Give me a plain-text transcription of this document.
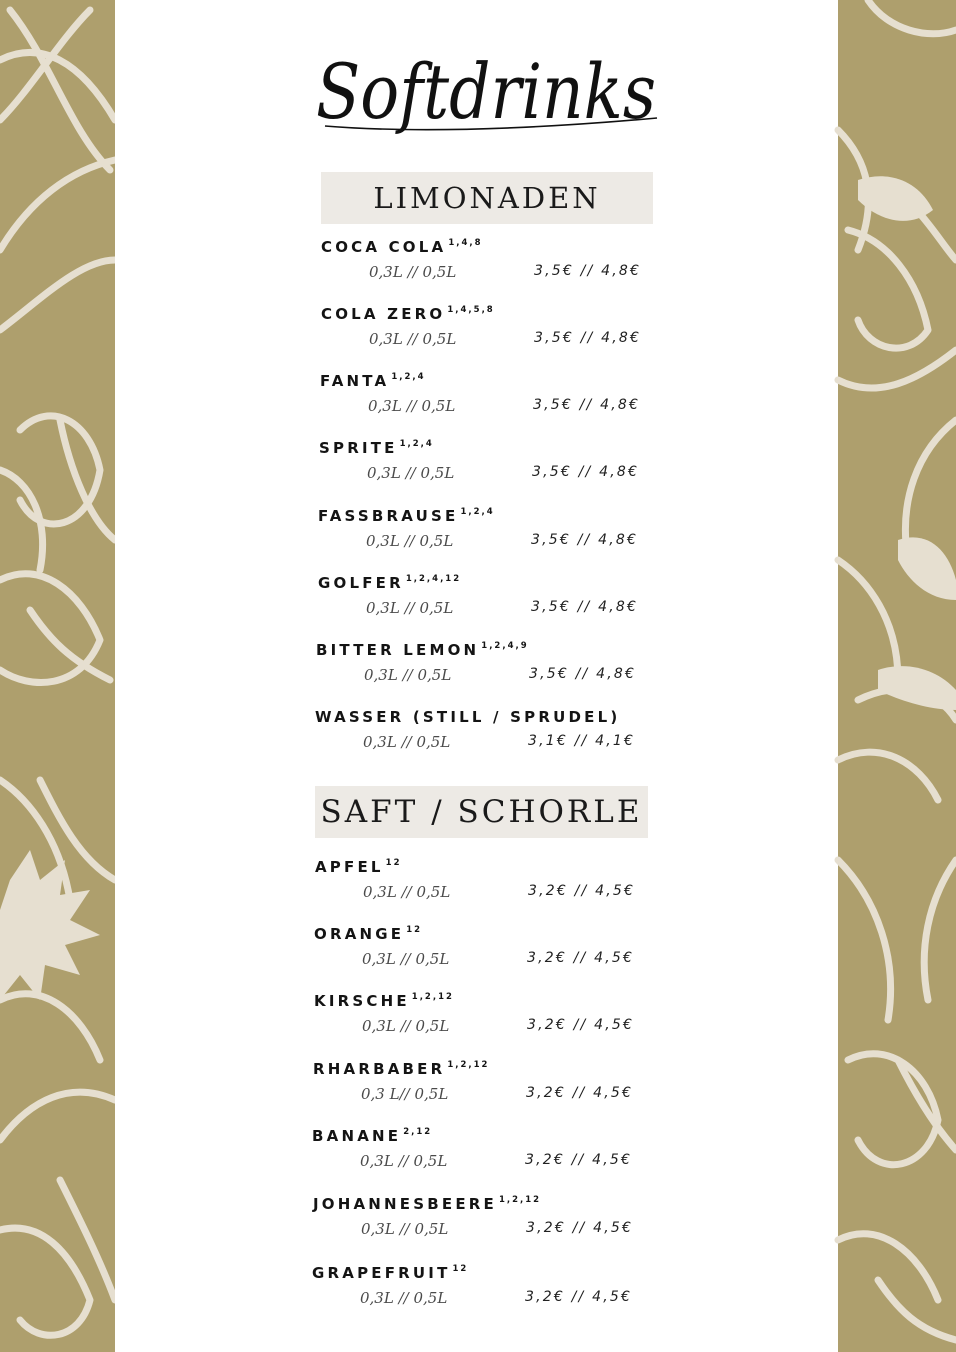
Softdrinks
LIMONADEN
SAFT / SCHORLE
COCA COLA $^{1,4,8}$
0,3L // 0,5L	3,5€ // 4,8€
COLA ZERO $^{1,4,5,8}$
0,3L // 0,5L	3,5€ // 4,8€
FANTA $^{1,2,4}$
0,3L // 0,5L	3,5€ // 4,8€
SPRITE $^{1,2,4}$
0,3L // 0,5L	3,5€ // 4,8€
FASSBRAUSE $^{1,2,4}$
0,3L // 0,5L	3,5€ // 4,8€
GOLFER $^{1,2,4,12}$
0,3L // 0,5L	3,5€ // 4,8€
BITTER LEMON $^{1,2,4,9}$
0,3L // 0,5L	3,5€ // 4,8€
WASSER (STILL / SPRUDEL)
0,3L // 0,5L	3,1€ // 4,1€
APFEL $^{12}$
0,3L // 0,5L	3,2€ // 4,5€
ORANGE $^{12}$
0,3L // 0,5L	3,2€ // 4,5€
KIRSCHE $^{1,2,12}$
0,3L // 0,5L	3,2€ // 4,5€
RHARBABER $^{1,2,12}$
0,3 L// 0,5L	3,2€ // 4,5€
BANANE $^{2,12}$
0,3L // 0,5L	3,2€ // 4,5€
JOHANNESBEERE $^{1,2,12}$
0,3L // 0,5L	3,2€ // 4,5€
GRAPEFRUIT $^{12}$
0,3L // 0,5L	3,2€ // 4,5€
